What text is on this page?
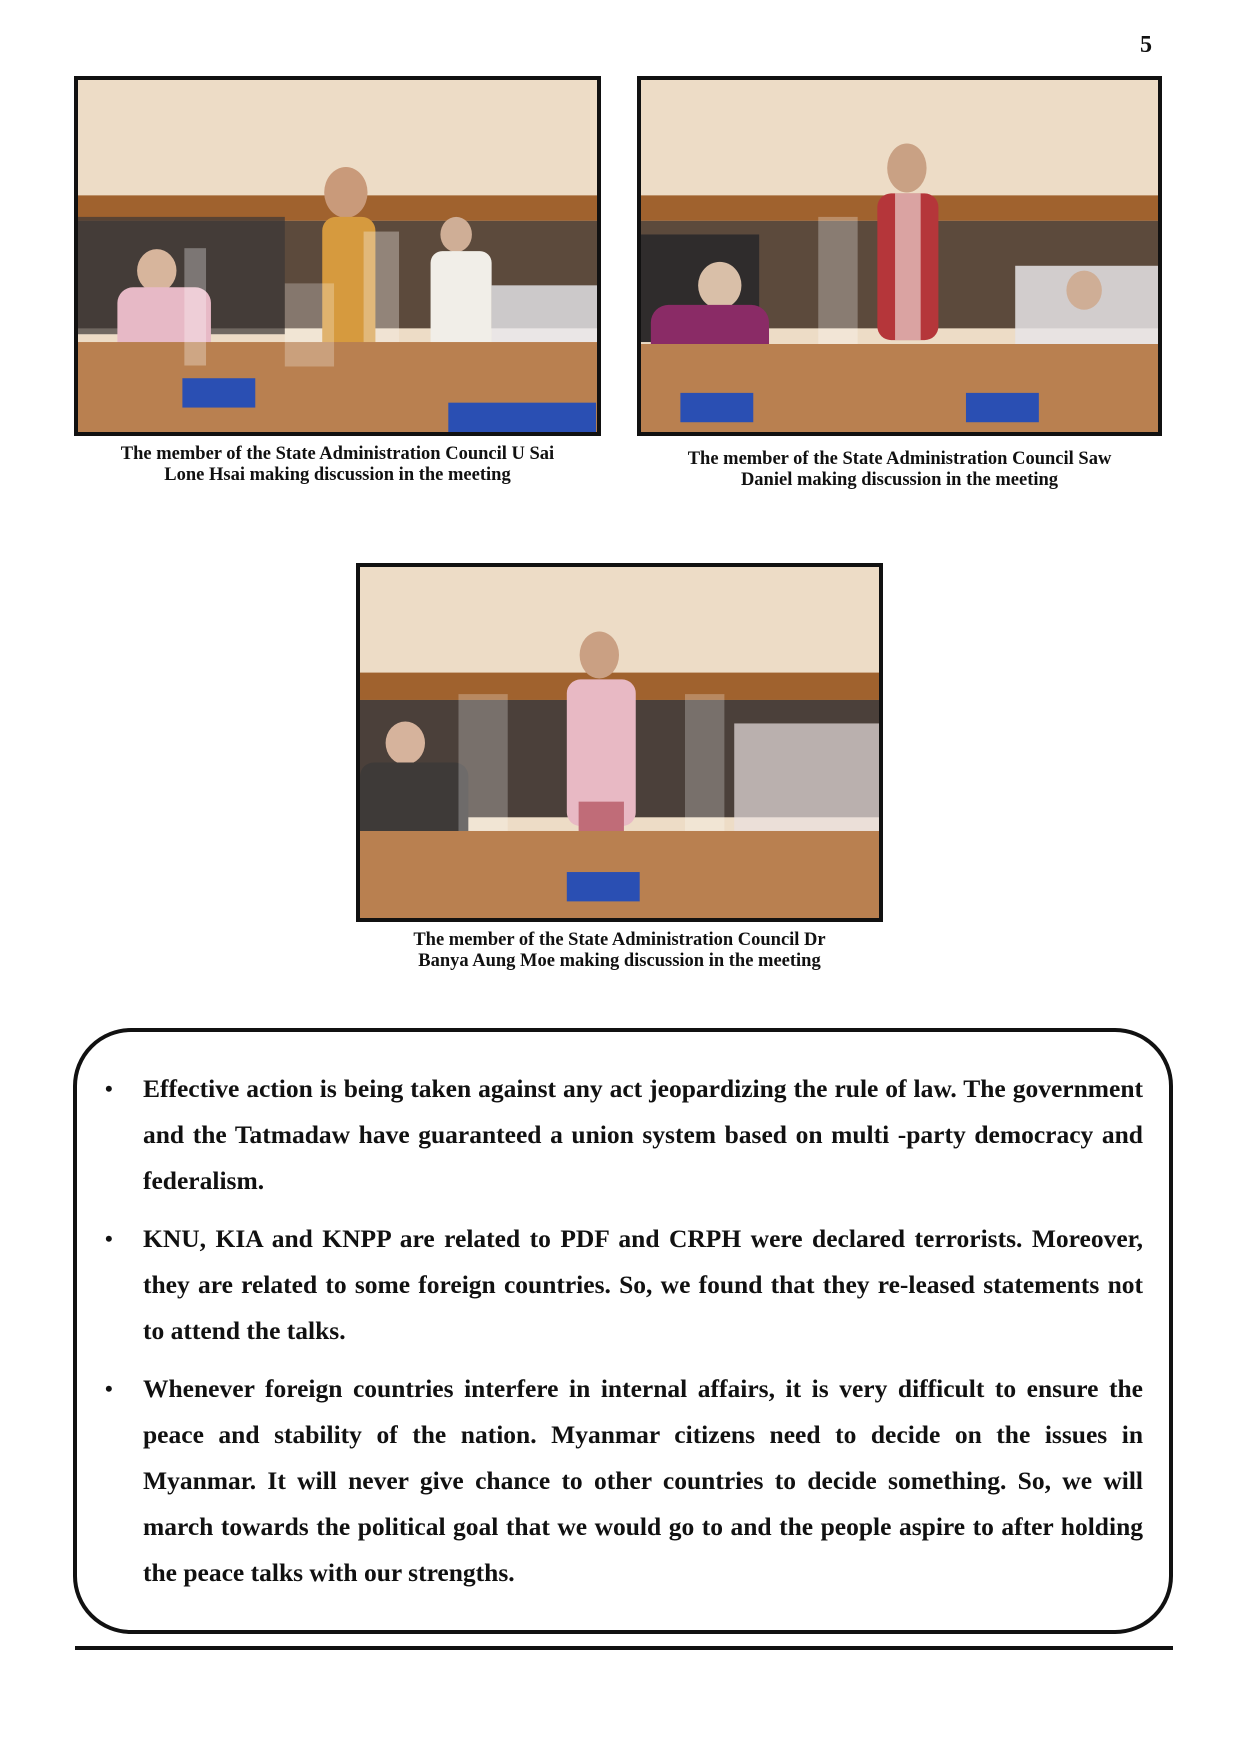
5
The member of the State Administration Council U Sai
Lone Hsai making discussion in the meeting
The member of the State Administration Council Saw
Daniel making discussion in the meeting
The member of the State Administration Council Dr
Banya Aung Moe making discussion in the meeting
• Effective action is being taken against any act jeopardizing the rule of law. The government and the Tatmadaw have guaranteed a union system based on multi -party democracy and federalism.
• KNU, KIA and KNPP are related to PDF and CRPH were declared terrorists. Moreover, they are related to some foreign countries. So, we found that they re-leased statements not to attend the talks.
• Whenever foreign countries interfere in internal affairs, it is very difficult to ensure the peace and stability of the nation. Myanmar citizens need to decide on the issues in Myanmar. It will never give chance to other countries to decide something. So, we will march towards the political goal that we would go to and the people aspire to after holding the peace talks with our strengths.
